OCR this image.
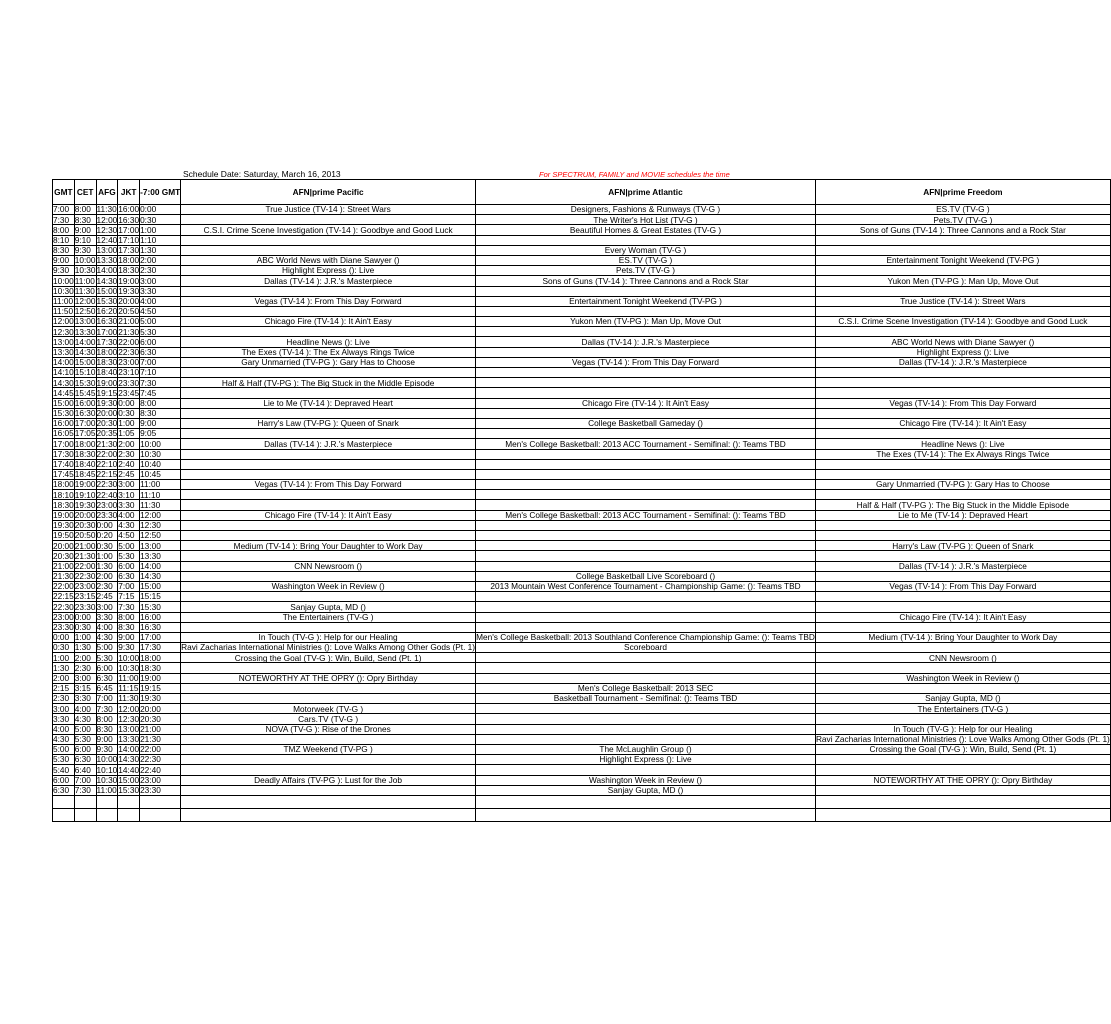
Schedule Date: Saturday, March 16, 2013	For SPECTRUM, FAMILY and MOVIE schedules the time
GMT	CET	AFG	JKT	-7:00 GMT	AFN|prime Pacific	AFN|prime Atlantic	AFN|prime Freedom
7:00	8:00	11:30	16:00	0:00	True Justice (TV-14 ): Street Wars	Designers, Fashions & Runways (TV-G )	ES.TV (TV-G )

7:30	8:30	12:00	16:30	0:30		The Writer's Hot List (TV-G )	Pets.TV (TV-G )

8:00	9:00	12:30	17:00	1:00	C.S.I. Crime Scene Investigation (TV-14 ): Goodbye and Good Luck	Beautiful Homes & Great Estates (TV-G )	Sons of Guns (TV-14 ): Three Cannons and a Rock Star

8:10	9:10	12:40	17:10	1:10	

8:30	9:30	13:00	17:30	1:30		Every Woman (TV-G )	

9:00	10:00	13:30	18:00	2:00	ABC World News with Diane Sawyer ()	ES.TV (TV-G )	Entertainment Tonight Weekend (TV-PG )

9:30	10:30	14:00	18:30	2:30	Highlight Express (): Live	Pets.TV (TV-G )	

10:00	11:00	14:30	19:00	3:00	Dallas (TV-14 ): J.R.'s Masterpiece	Sons of Guns (TV-14 ): Three Cannons and a Rock Star	Yukon Men (TV-PG ): Man Up, Move Out

10:30	11:30	15:00	19:30	3:30	

11:00	12:00	15:30	20:00	4:00	Vegas (TV-14 ): From This Day Forward	Entertainment Tonight Weekend (TV-PG )	True Justice (TV-14 ): Street Wars

11:50	12:50	16:20	20:50	4:50	

12:00	13:00	16:30	21:00	5:00	Chicago Fire (TV-14 ): It Ain't Easy	Yukon Men (TV-PG ): Man Up, Move Out	C.S.I. Crime Scene Investigation (TV-14 ): Goodbye and Good Luck

12:30	13:30	17:00	21:30	5:30	

13:00	14:00	17:30	22:00	6:00	Headline News (): Live	Dallas (TV-14 ): J.R.'s Masterpiece	ABC World News with Diane Sawyer ()

13:30	14:30	18:00	22:30	6:30	The Exes (TV-14 ): The Ex Always Rings Twice		Highlight Express (): Live

14:00	15:00	18:30	23:00	7:00	Gary Unmarried (TV-PG ): Gary Has to Choose	Vegas (TV-14 ): From This Day Forward	Dallas (TV-14 ): J.R.'s Masterpiece

14:10	15:10	18:40	23:10	7:10	

14:30	15:30	19:00	23:30	7:30	Half & Half (TV-PG ): The Big Stuck in the Middle Episode		

14:45	15:45	19:15	23:45	7:45	

15:00	16:00	19:30	0:00	8:00	Lie to Me (TV-14 ): Depraved Heart	Chicago Fire (TV-14 ): It Ain't Easy	Vegas (TV-14 ): From This Day Forward

15:30	16:30	20:00	0:30	8:30	

16:00	17:00	20:30	1:00	9:00	Harry's Law (TV-PG ): Queen of Snark	College Basketball Gameday ()	Chicago Fire (TV-14 ): It Ain't Easy

16:05	17:05	20:35	1:05	9:05	

17:00	18:00	21:30	2:00	10:00	Dallas (TV-14 ): J.R.'s Masterpiece	Men's College Basketball: 2013 ACC Tournament - Semifinal: (): Teams TBD	Headline News (): Live

17:30	18:30	22:00	2:30	10:30			The Exes (TV-14 ): The Ex Always Rings Twice

17:40	18:40	22:10	2:40	10:40	

17:45	18:45	22:15	2:45	10:45	

18:00	19:00	22:30	3:00	11:00	Vegas (TV-14 ): From This Day Forward		Gary Unmarried (TV-PG ): Gary Has to Choose

18:10	19:10	22:40	3:10	11:10	

18:30	19:30	23:00	3:30	11:30			Half & Half (TV-PG ): The Big Stuck in the Middle Episode

19:00	20:00	23:30	4:00	12:00	Chicago Fire (TV-14 ): It Ain't Easy	Men's College Basketball: 2013 ACC Tournament - Semifinal: (): Teams TBD	Lie to Me (TV-14 ): Depraved Heart

19:30	20:30	0:00	4:30	12:30	

19:50	20:50	0:20	4:50	12:50	

20:00	21:00	0:30	5:00	13:00	Medium (TV-14 ): Bring Your Daughter to Work Day		Harry's Law (TV-PG ): Queen of Snark

20:30	21:30	1:00	5:30	13:30	

21:00	22:00	1:30	6:00	14:00	CNN Newsroom ()		Dallas (TV-14 ): J.R.'s Masterpiece

21:30	22:30	2:00	6:30	14:30		College Basketball Live Scoreboard ()	

22:00	23:00	2:30	7:00	15:00	Washington Week in Review ()	2013 Mountain West Conference Tournament - Championship Game: (): Teams TBD	Vegas (TV-14 ): From This Day Forward

22:15	23:15	2:45	7:15	15:15	

22:30	23:30	3:00	7:30	15:30	Sanjay Gupta, MD ()		

23:00	0:00	3:30	8:00	16:00	The Entertainers (TV-G )		Chicago Fire (TV-14 ): It Ain't Easy

23:30	0:30	4:00	8:30	16:30	

0:00	1:00	4:30	9:00	17:00	In Touch (TV-G ): Help for our Healing	Men's College Basketball: 2013 Southland Conference Championship Game: (): Teams TBD	Medium (TV-14 ): Bring Your Daughter to Work Day

0:30	1:30	5:00	9:30	17:30	Ravi Zacharias International Ministries (): Love Walks Among Other Gods (Pt. 1)	Scoreboard	

1:00	2:00	5:30	10:00	18:00	Crossing the Goal (TV-G ): Win, Build, Send (Pt. 1)		CNN Newsroom ()

1:30	2:30	6:00	10:30	18:30	

2:00	3:00	6:30	11:00	19:00	NOTEWORTHY AT THE OPRY (): Opry Birthday		Washington Week in Review ()

2:15	3:15	6:45	11:15	19:15		Men's College Basketball: 2013 SEC	

2:30	3:30	7:00	11:30	19:30		Basketball Tournament - Semifinal: (): Teams TBD	Sanjay Gupta, MD ()

3:00	4:00	7:30	12:00	20:00	Motorweek (TV-G )		The Entertainers (TV-G )

3:30	4:30	8:00	12:30	20:30	Cars.TV (TV-G )		

4:00	5:00	8:30	13:00	21:00	NOVA (TV-G ): Rise of the Drones		In Touch (TV-G ): Help for our Healing

4:30	5:30	9:00	13:30	21:30			Ravi Zacharias International Ministries (): Love Walks Among Other Gods (Pt. 1)

5:00	6:00	9:30	14:00	22:00	TMZ Weekend (TV-PG )	The McLaughlin Group ()	Crossing the Goal (TV-G ): Win, Build, Send (Pt. 1)

5:30	6:30	10:00	14:30	22:30		Highlight Express (): Live	

5:40	6:40	10:10	14:40	22:40	

6:00	7:00	10:30	15:00	23:00	Deadly Affairs (TV-PG ): Lust for the Job	Washington Week in Review ()	NOTEWORTHY AT THE OPRY (): Opry Birthday

6:30	7:30	11:00	15:30	23:30		Sanjay Gupta, MD ()	
